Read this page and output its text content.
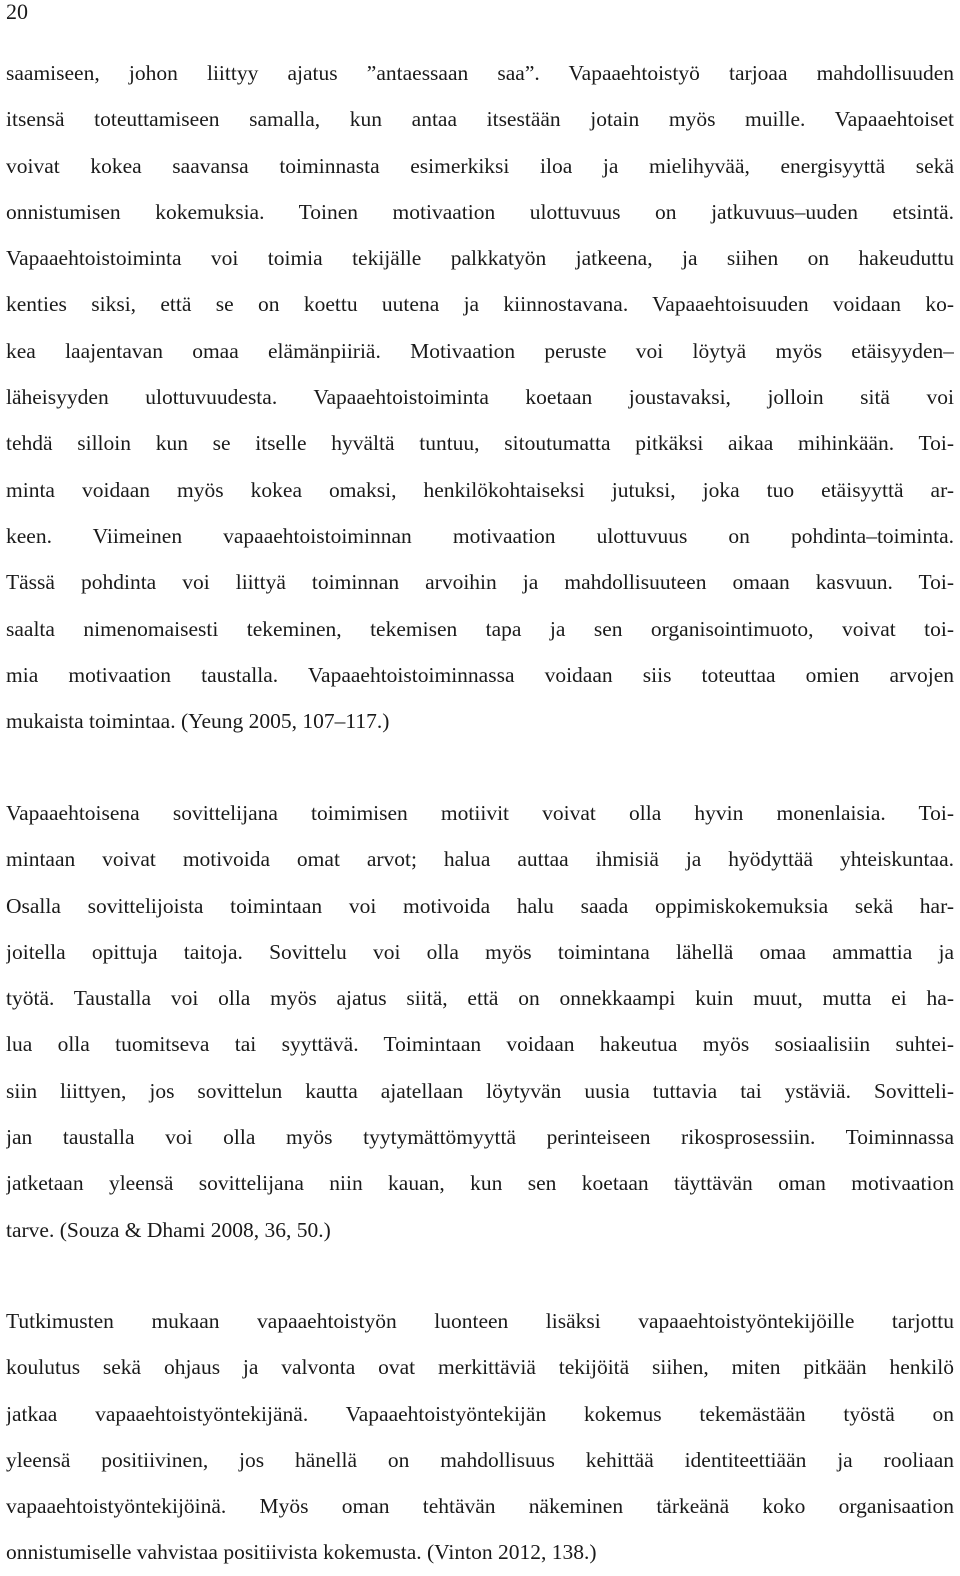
20
saamiseen, johon liittyy ajatus ”antaessaan saa”. Vapaaehtoistyö tarjoaa mahdollisuuden
itsensä toteuttamiseen samalla, kun antaa itsestään jotain myös muille. Vapaaehtoiset
voivat kokea saavansa toiminnasta esimerkiksi iloa ja mielihyvää, energisyyttä sekä
onnistumisen kokemuksia. Toinen motivaation ulottuvuus on jatkuvuus–uuden etsintä.
Vapaaehtoistoiminta voi toimia tekijälle palkkatyön jatkeena, ja siihen on hakeuduttu
kenties siksi, että se on koettu uutena ja kiinnostavana. Vapaaehtoisuuden voidaan ko-
kea laajentavan omaa elämänpiiriä. Motivaation peruste voi löytyä myös etäisyyden–
läheisyyden ulottuvuudesta. Vapaaehtoistoiminta koetaan joustavaksi, jolloin sitä voi
tehdä silloin kun se itselle hyvältä tuntuu, sitoutumatta pitkäksi aikaa mihinkään. Toi-
minta voidaan myös kokea omaksi, henkilökohtaiseksi jutuksi, joka tuo etäisyyttä ar-
keen. Viimeinen vapaaehtoistoiminnan motivaation ulottuvuus on pohdinta–toiminta.
Tässä pohdinta voi liittyä toiminnan arvoihin ja mahdollisuuteen omaan kasvuun. Toi-
saalta nimenomaisesti tekeminen, tekemisen tapa ja sen organisointimuoto, voivat toi-
mia motivaation taustalla. Vapaaehtoistoiminnassa voidaan siis toteuttaa omien arvojen
mukaista toimintaa. (Yeung 2005, 107–117.)
Vapaaehtoisena sovittelijana toimimisen motiivit voivat olla hyvin monenlaisia. Toi-
mintaan voivat motivoida omat arvot; halua auttaa ihmisiä ja hyödyttää yhteiskuntaa.
Osalla sovittelijoista toimintaan voi motivoida halu saada oppimiskokemuksia sekä har-
joitella opittuja taitoja. Sovittelu voi olla myös toimintana lähellä omaa ammattia ja
työtä. Taustalla voi olla myös ajatus siitä, että on onnekkaampi kuin muut, mutta ei ha-
lua olla tuomitseva tai syyttävä. Toimintaan voidaan hakeutua myös sosiaalisiin suhtei-
siin liittyen, jos sovittelun kautta ajatellaan löytyvän uusia tuttavia tai ystäviä. Sovitteli-
jan taustalla voi olla myös tyytymättömyyttä perinteiseen rikosprosessiin. Toiminnassa
jatketaan yleensä sovittelijana niin kauan, kun sen koetaan täyttävän oman motivaation
tarve. (Souza & Dhami 2008, 36, 50.)
Tutkimusten mukaan vapaaehtoistyön luonteen lisäksi vapaaehtoistyöntekijöille tarjottu
koulutus sekä ohjaus ja valvonta ovat merkittäviä tekijöitä siihen, miten pitkään henkilö
jatkaa vapaaehtoistyöntekijänä. Vapaaehtoistyöntekijän kokemus tekemästään työstä on
yleensä positiivinen, jos hänellä on mahdollisuus kehittää identiteettiään ja rooliaan
vapaaehtoistyöntekijöinä. Myös oman tehtävän näkeminen tärkeänä koko organisaation
onnistumiselle vahvistaa positiivista kokemusta. (Vinton 2012, 138.)
